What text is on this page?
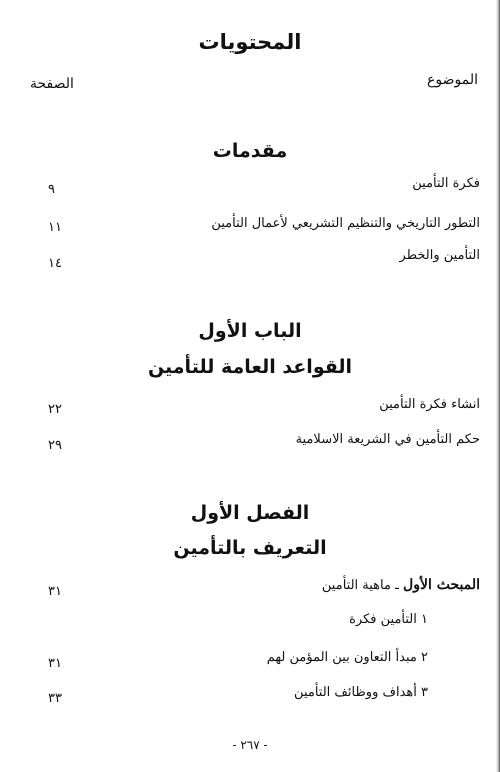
المحتويات
الموضوع
الصفحة
مقدمات
فكرة التأمين
٩
التطور التاريخي والتنظيم التشريعي لأعمال التأمين
١١
التأمين والخطر
١٤
الباب الأول
القواعد العامة للتأمين
انشاء فكرة التأمين
٢٢
حكم التأمين في الشريعة الاسلامية
٢٩
الفصل الأول
التعريف بالتأمين
المبحث الأول ـ ماهية التأمين
٣١
١ التأمين فكرة
٢ مبدأ التعاون بين المؤمن لهم
٣١
٣ أهداف ووظائف التأمين
٣٣
- ٢٦٧ -
